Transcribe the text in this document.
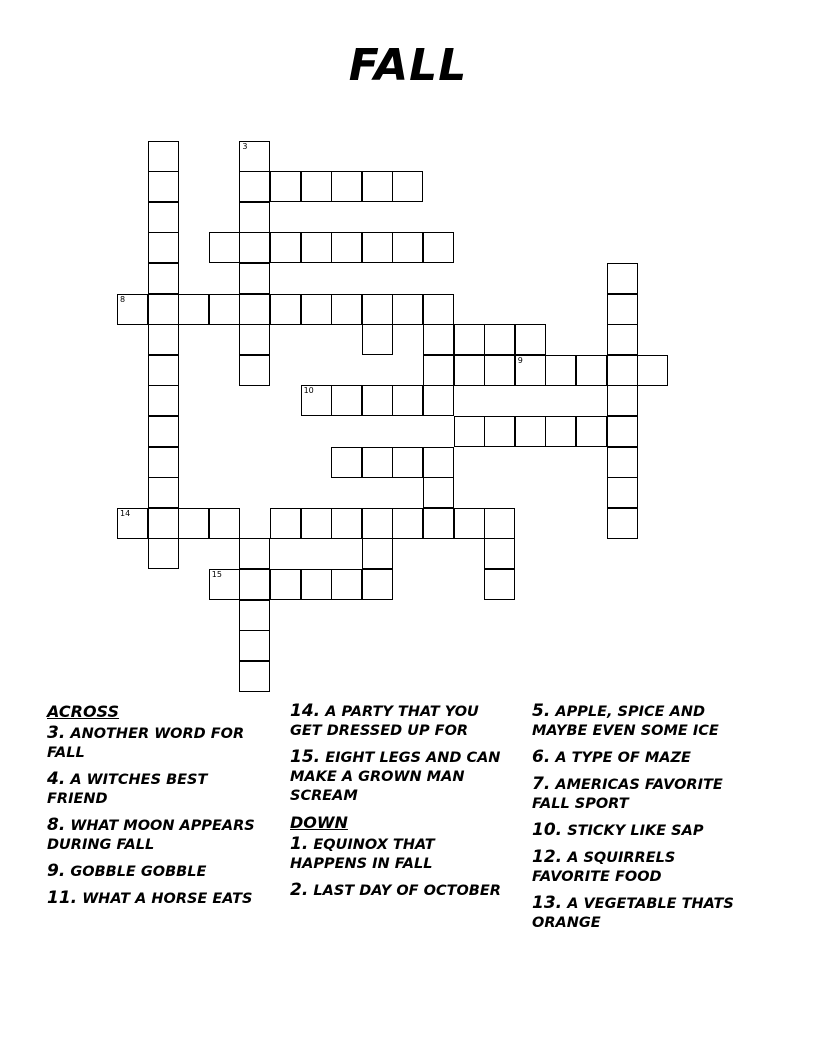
FALL
3
8
10
14
15
9
ACROSS
3. ANOTHER WORD FOR FALL
4. A WITCHES BEST FRIEND
8. WHAT MOON APPEARS DURING FALL
9. GOBBLE GOBBLE
11. WHAT A HORSE EATS
14. A PARTY THAT YOU GET DRESSED UP FOR
15. EIGHT LEGS AND CAN MAKE A GROWN MAN SCREAM
DOWN
1. EQUINOX THAT HAPPENS IN FALL
2. LAST DAY OF OCTOBER
5. APPLE, SPICE AND MAYBE EVEN SOME ICE
6. A TYPE OF MAZE
7. AMERICAS FAVORITE FALL SPORT
10. STICKY LIKE SAP
12. A SQUIRRELS FAVORITE FOOD
13. A VEGETABLE THATS ORANGE
